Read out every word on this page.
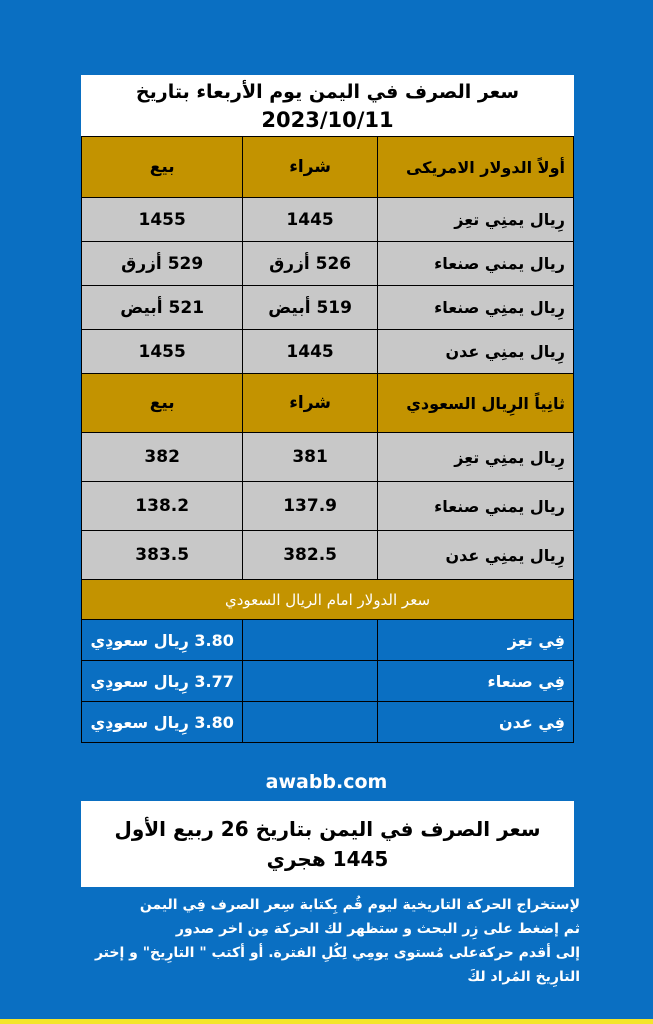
سعر الصرف في اليمن يوم الأربعاء بتاريخ
2023/10/11
أولاً الدولار الامريكى	شراء	بيع
رِيال يمنِي تعِز	1445	1455
ريال يمني صنعاء	526 أزرق	529 أزرق
رِيال يمنِي صنعاء	519 أبيض	521 أبيض
رِيال يمنِي عدن	1445	1455
ثانِياً الرِيال السعودي	شراء	بيع
رِيال يمنِي تعِز	381	382
ريال يمني صنعاء	137.9	138.2
رِيال يمنِي عدن	382.5	383.5
سعر الدولار امام الريال السعودي		
فِي تعِز		3.80 رِيال سعودِي
فِي صنعاء		3.77 رِيال سعودِي
فِي عدن		3.80 رِيال سعودِي
awabb.com
سعر الصرف في اليمن بتاريخ 26 ربيع الأول 1445 هجري
لإستخراج الحركة التاريخية ليوم قُم بِكتابة سِعر الصرف فِي اليمن
ثم إضغط على زِر البحث و ستظهر لك الحركة مِن اخر صدور
إلى أقدم حركةعلى مُستوى يومِي لِكُلِ الفترة. أو أكتب " التارِيخ" و إختر
التارِيخ المُراد لكَ
